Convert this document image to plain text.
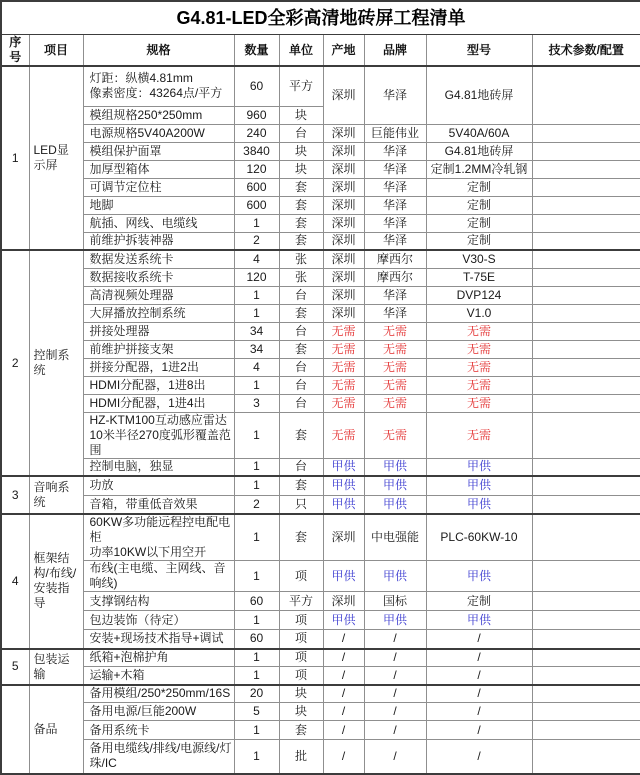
G4.81-LED全彩高清地砖屏工程清单								
序号	项目	规格	数量	单位	产地	品牌	型号	技术参数/配置
1	LED显示屏	灯距：纵横4.81mm
像素密度：43264点/平方	60	平方	深圳	华泽	G4.81地砖屏	
		模组规格250*250mm	960	块				
		电源规格5V40A200W	240	台	深圳	巨能伟业	5V40A/60A	
		模组保护面罩	3840	块	深圳	华泽	G4.81地砖屏	
		加厚型箱体	120	块	深圳	华泽	定制1.2MM冷轧钢	
		可调节定位柱	600	套	深圳	华泽	定制	
		地脚	600	套	深圳	华泽	定制	
		航插、网线、电缆线	1	套	深圳	华泽	定制	
		前维护拆装神器	2	套	深圳	华泽	定制	
2	控制系统	数据发送系统卡	4	张	深圳	摩西尔	V30-S	
		数据接收系统卡	120	张	深圳	摩西尔	T-75E	
		高清视频处理器	1	台	深圳	华泽	DVP124	
		大屏播放控制系统	1	套	深圳	华泽	V1.0	
		拼接处理器	34	台	无需	无需	无需	
		前维护拼接支架	34	套	无需	无需	无需	
		拼接分配器，1进2出	4	台	无需	无需	无需	
		HDMI分配器，1进8出	1	台	无需	无需	无需	
		HDMI分配器，1进4出	3	台	无需	无需	无需	

		HZ-KTM100互动感应雷达
10米半径270度弧形覆盖范围	1	套	无需	无需	无需	
		控制电脑，独显	1	台	甲供	甲供	甲供	
3	音响系统	功放	1	套	甲供	甲供	甲供	
		音箱，带重低音效果	2	只	甲供	甲供	甲供	
4	框架结构/布线/安装指导	60KW多功能远程控电配电柜
功率10KW以下用空开	1	套	深圳	中电强能	PLC-60KW-10	
		布线(主电缆、主网线、音响线)	1	项	甲供	甲供	甲供	
		支撑钢结构	60	平方	深圳	国标	定制	
		包边装饰（待定）	1	项	甲供	甲供	甲供	
		安装+现场技术指导+调试	60	项	/	/	/	
5	包装运输	纸箱+泡棉护角	1	项	/	/	/	
		运输+木箱	1	项	/	/	/	
	备品	备用模组/250*250mm/16S	20	块	/	/	/	
		备用电源/巨能200W	5	块	/	/	/	
		备用系统卡	1	套	/	/	/	
		备用电缆线/排线/电源线/灯珠/IC	1	批	/	/	/	
